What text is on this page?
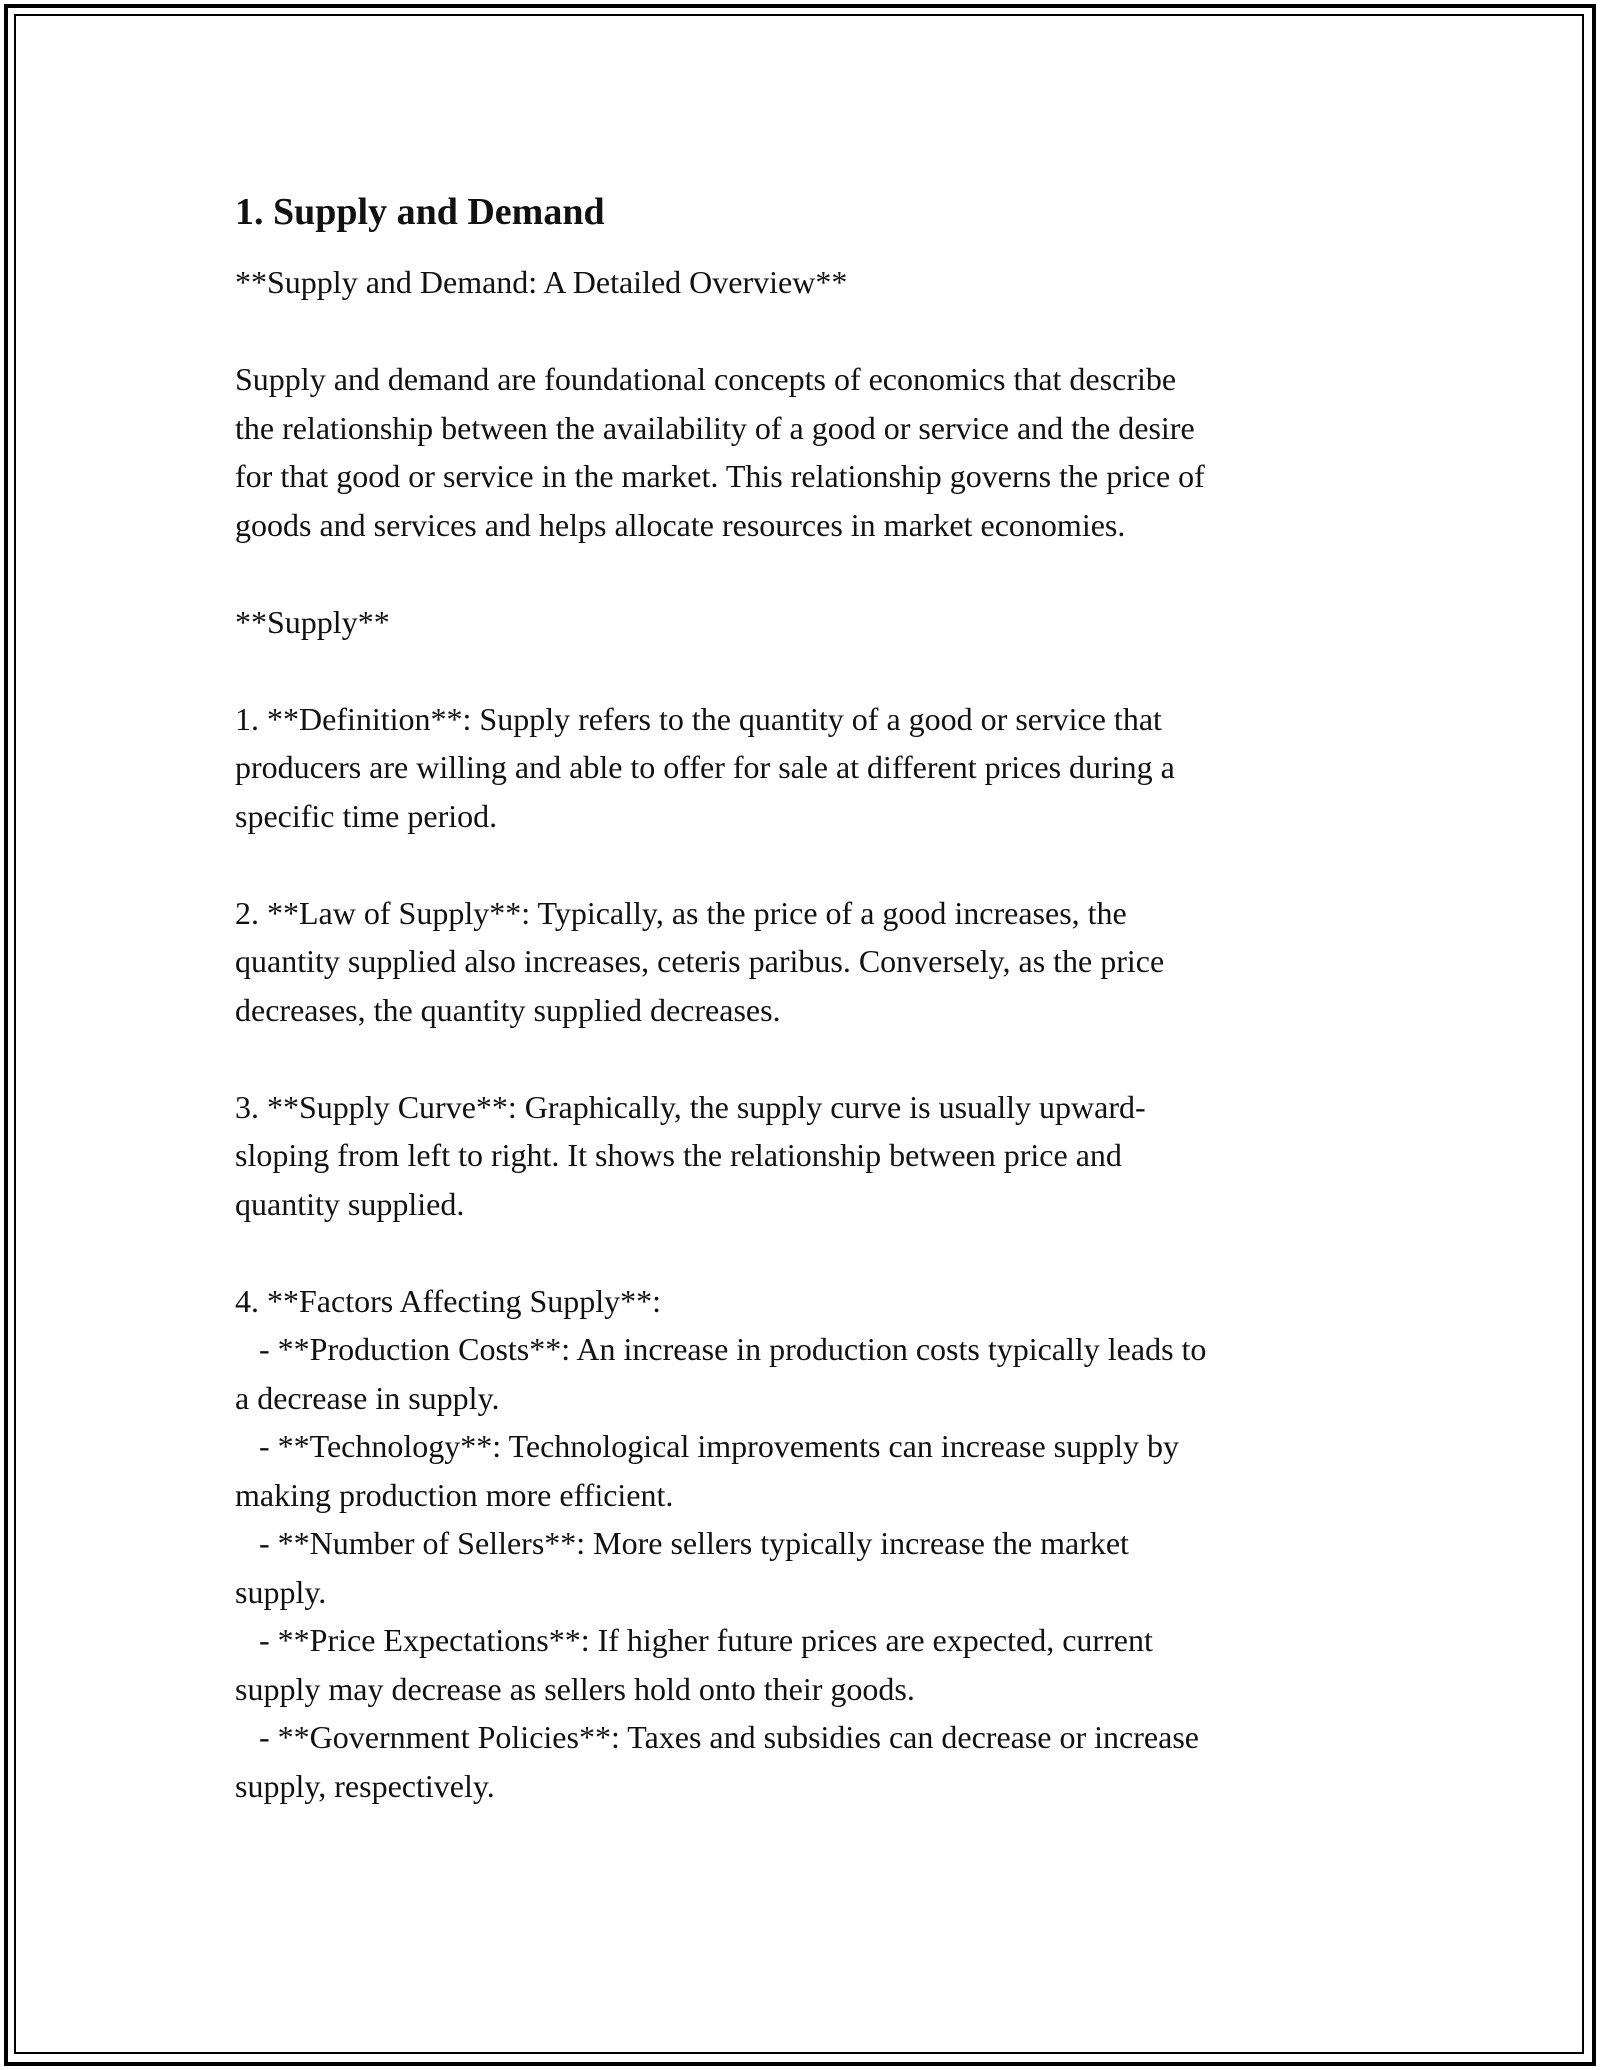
1. Supply and Demand

**Supply and Demand: A Detailed Overview**

Supply and demand are foundational concepts of economics that describe

the relationship between the availability of a good or service and the desire

for that good or service in the market. This relationship governs the price of

goods and services and helps allocate resources in market economies.

**Supply**

1. **Definition**: Supply refers to the quantity of a good or service that

producers are willing and able to offer for sale at different prices during a

specific time period.

2. **Law of Supply**: Typically, as the price of a good increases, the

quantity supplied also increases, ceteris paribus. Conversely, as the price

decreases, the quantity supplied decreases.

3. **Supply Curve**: Graphically, the supply curve is usually upward-

sloping from left to right. It shows the relationship between price and

quantity supplied.

4. **Factors Affecting Supply**:

- **Production Costs**: An increase in production costs typically leads to

a decrease in supply.

- **Technology**: Technological improvements can increase supply by

making production more efficient.

- **Number of Sellers**: More sellers typically increase the market

supply.

- **Price Expectations**: If higher future prices are expected, current

supply may decrease as sellers hold onto their goods.

- **Government Policies**: Taxes and subsidies can decrease or increase

supply, respectively.
